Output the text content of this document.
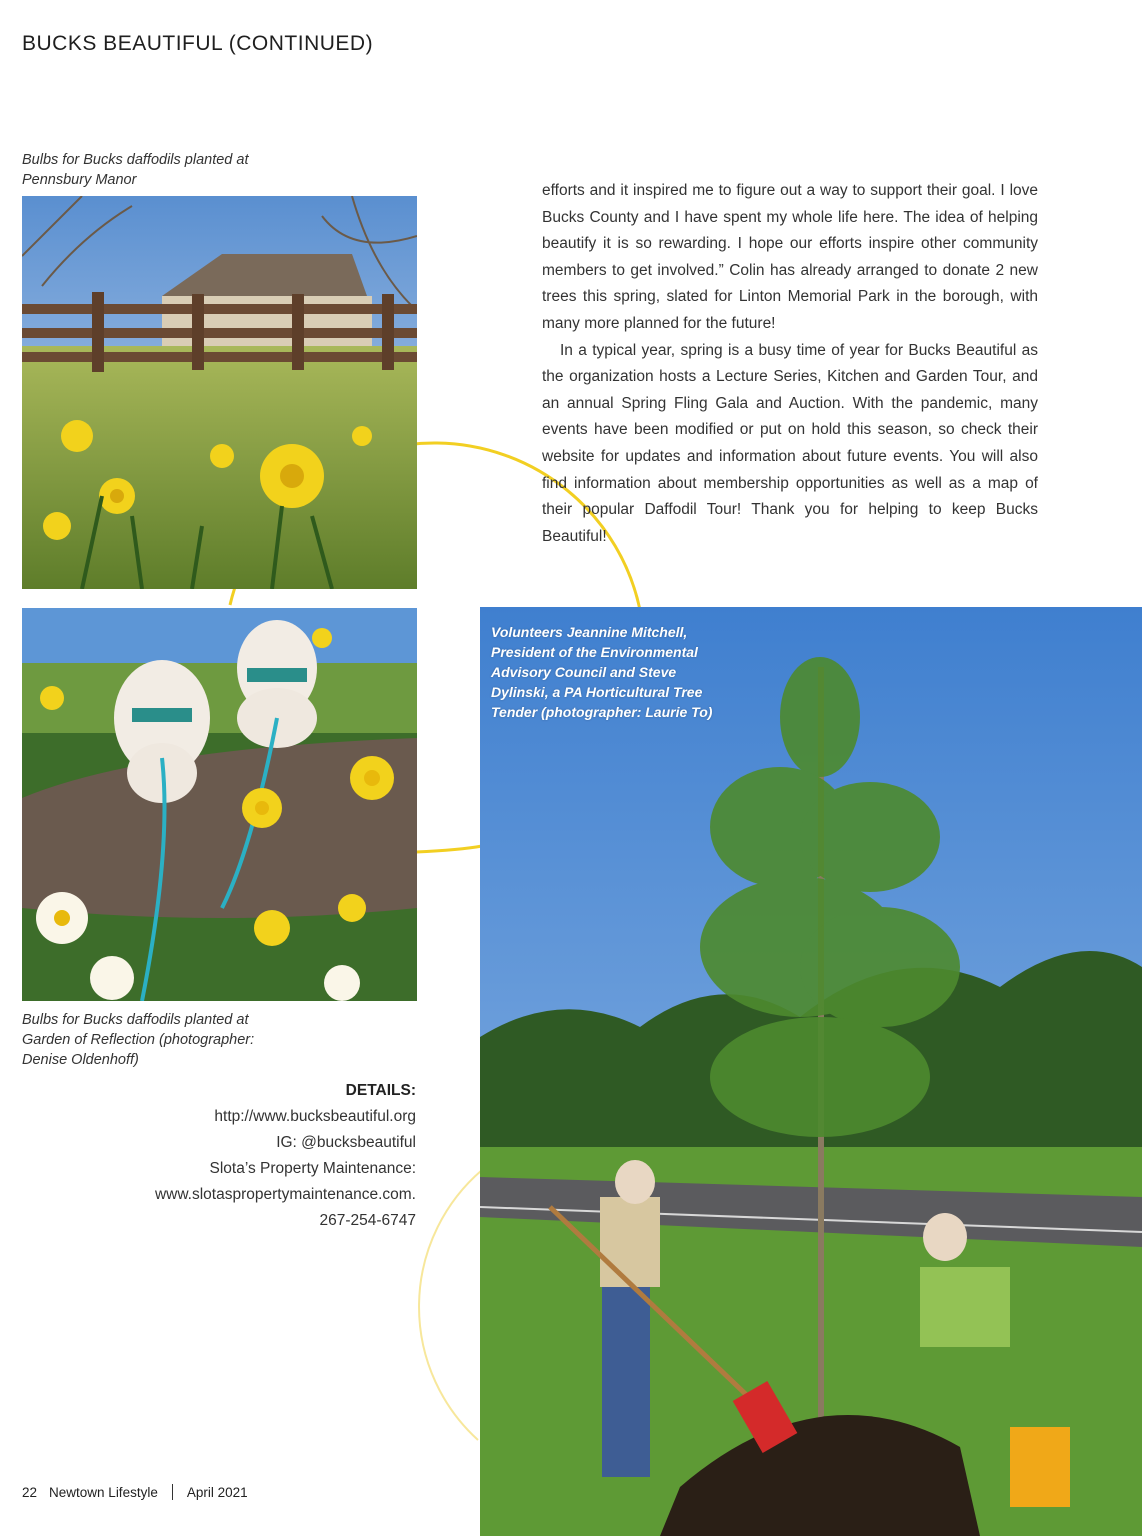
BUCKS BEAUTIFUL (CONTINUED)
Bulbs for Bucks daffodils planted at Pennsbury Manor
Bulbs for Bucks daffodils planted at Garden of Reflection (photographer: Denise Oldenhoff)

efforts and it inspired me to figure out a way to support their goal. I love Bucks County and I have spent my whole life here. The idea of helping beautify it is so rewarding. I hope our efforts inspire other community members to get involved.” Colin has already arranged to donate 2 new trees this spring, slated for Linton Memorial Park in the borough, with many more planned for the future!

In a typical year, spring is a busy time of year for Bucks Beautiful as the organization hosts a Lecture Series, Kitchen and Garden Tour, and an annual Spring Fling Gala and Auction. With the pandemic, many events have been modified or put on hold this season, so check their website for updates and information about future events. You will also find information about membership opportunities as well as a map of their popular Daffodil Tour! Thank you for helping to keep Bucks Beautiful!

DETAILS:
http://www.bucksbeautiful.org
IG: @bucksbeautiful
Slota’s Property Maintenance:
www.slotaspropertymaintenance.com.
267-254-6747
Volunteers Jeannine Mitchell, President of the Environmental Advisory Council and Steve Dylinski, a PA Horticultural Tree Tender (photographer: Laurie To)
22 Newtown Lifestyle April 2021
